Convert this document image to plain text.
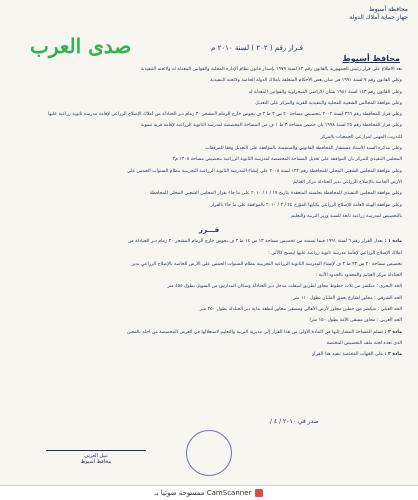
محافظة أسيوط
جهاز حماية أملاك الدولة
صدى العرب	قـرار رقم ( ٢٠٢ ) لسنة ٢٠١٠ م
محافظ أسيوط

بعد الاطلاع على قرار رئيس الجمهورية بالقانون رقم ٤٣ لسنة ١٩٧٩ بإصدار قانون نظام الإدارة المحلية والقوانين المعدلة له ولائحته التنفيذية

وعلى القانون رقم ٧ لسنة ١٩٩١ في شأن بعض الأحكام المتعلقة بأملاك الدولة الخاصة ولائحته التنفيذية

وعلى القانون رقم ١٤٣ لسنة ١٩٨١ بشأن الأراضي الصحراوية والقوانين المعدلة له

وعلى موافقة المجالس الشعبية المحلية والتنفيذية للقرية والمركز على التعديل

وعلى قرار المحافظة رقم ٣٦٦ لسنة ٢٠٠٢ بتخصيص مساحة ٢٠ س ٣ ط ٣ ف بحوض خارج الزمام المشجر ٣٠ زمام دير الجنادلة من أملاك الإصلاح الزراعي لإقامة مدرسة ثانوية زراعية عليها

وعلى قرار المحافظة رقم ٢٥ لسنة ١٩٩٨ بأن خصص مساحة ٣ ط ١ ف من المساحة المخصصة لمدرسة الثانوية الزراعية لإقامة قرية تنموية

للتدريب المهني لمزارعي الجمعيات بالمركز

وعلى مذكرة السيد الأستاذ مستشار المحافظة القانوني والمتضمنة بالموافقة على التعديل وفقا للمرفقات

المجلس التنفيذي للمركز بأن الموافقة على تعديل المساحة المخصصة لمدرسة الثانوية الزراعية بتخصيص مساحة ١٣٠٥ م٢

وعلى موافقة المجلس الشعبي المحلي للمحافظة رقم ١٣٢ لسنة ٢٠٠٨ على إنشاء المدرسة الثانوية الزراعية التجريبية بنظام السنوات الخمس على

الأرض الخاصة بالإصلاح الزراعي بدير الجنادلة مركز الغنايم

وعلى موافقة المجلس التنفيذي للمحافظة بجلسته المنعقدة بتاريخ ١٧ / ١ / ٢٠١٠ على ما جاء بقرار المجلس الشعبي المحلي للمحافظة

وعلى موافقة الهيئة العامة للإصلاح الزراعي بكتابها المؤرخ ٢٤ / ٢ / ٢٠١٠ بالموافقة على ما جاء بالقرار

بالتخصيص لمدرسة زراعية تابعة للسيد وزير التربية والتعليم

قـــرر

مادة ١ : يعدل القرار رقم ٦ لسنة ١٩٩١ فيما تضمنه من تخصيص مساحة ١٣ س ١٤ ط ٣ ف بحوض خارج الزمام المشجر ٣٠ زمام دير الجنادلة من

أملاك الإصلاح الزراعي لإقامة مدرسة ثانوية زراعية عليها ليصبح كالآتي :

تخصيص مساحة ٢٠ س ٢٣ ط ٣ ف لإنشاء المدرسة الثانوية الزراعية التجريبية بنظام السنوات الخمس على الأرض الخاصة بالإصلاح الزراعي بدير

الجنادلة مركز الغنايم والمحدود بالحدود الآتية :

الحد البحري : منكسر من ثلاث خطوط مجاور لطريق أسفلت مدخل دير الجنادلة وسكان المدارس من السويل بطول ٤٥٥ متر

الحد الشرقي : مجاور لشارع بعمق الملبان بطول ١١٠ متر

الحد القبلي : منكسر من خطين مجاور لأرض الأهالي ومسقى محاور لنطقة بداية دير الجنادلة بطول ٢٥٠ متر

الحد الغربي : مجاور مسقى الأمة بطول ١٥٠ مترا

مادة ٢ : تسلم المساحة المشار إليها في المادة الأولى من هذا القرار إلى مديرية التربية والتعليم لاستغلالها في الغرض المخصصة من أجله بالمعين

الذي تعده لجنة ملف التخصيص المختصة

مادة ٣ : على الجهات المختصة تنفيذ هذا القرار

صدر في ٢٠١٠ / ٤ /
نبيل العزبي
محافظ أسيوط
ممسوحة ضوئيا بـ CamScanner
